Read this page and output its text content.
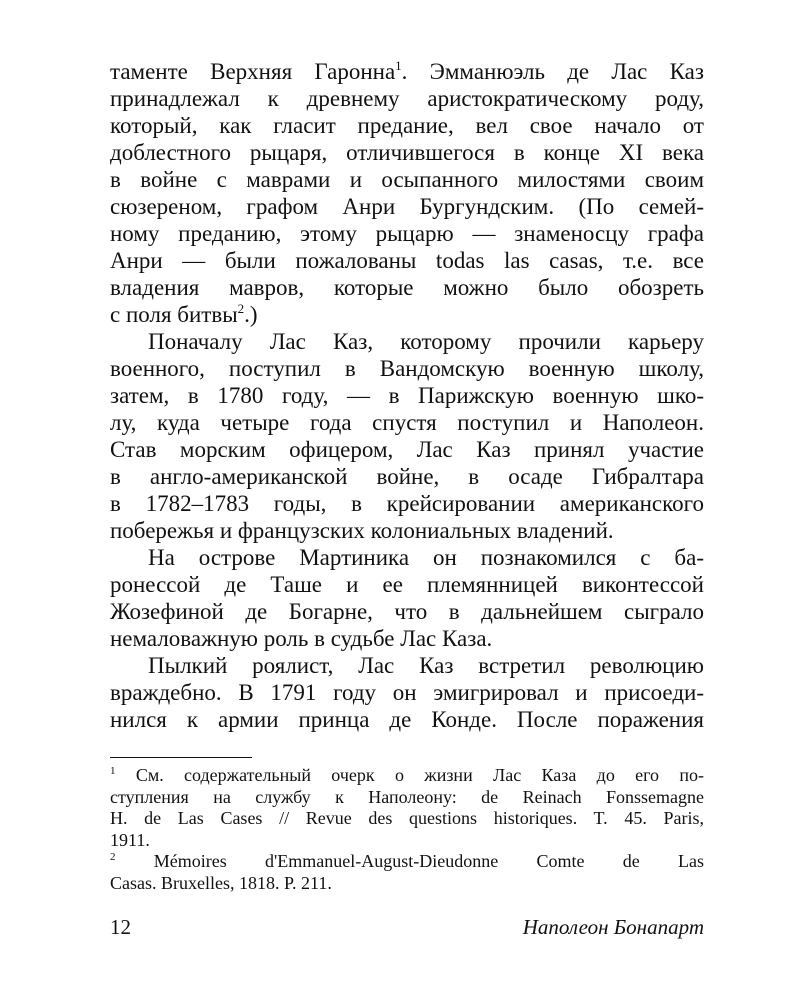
таменте Верхняя Гаронна$^1$. Эмманюэль де Лас Каз
принадлежал к древнему аристократическому роду,
который, как гласит предание, вел свое начало от
доблестного рыцаря, отличившегося в конце XI века
в войне с маврами и осыпанного милостями своим
сюзереном, графом Анри Бургундским. (По семей-
ному преданию, этому рыцарю — знаменосцу графа
Анри — были пожалованы todas las casas, т.е. все
владения мавров, которые можно было обозреть
с поля битвы$^2$.)
Поначалу Лас Каз, которому прочили карьеру
военного, поступил в Вандомскую военную школу,
затем, в 1780 году, — в Парижскую военную шко-
лу, куда четыре года спустя поступил и Наполеон.
Став морским офицером, Лас Каз принял участие
в англо-американской войне, в осаде Гибралтара
в 1782–1783 годы, в крейсировании американского
побережья и французских колониальных владений.
На острове Мартиника он познакомился с ба-
ронессой де Таше и ее племянницей виконтессой
Жозефиной де Богарне, что в дальнейшем сыграло
немаловажную роль в судьбе Лас Каза.
Пылкий роялист, Лас Каз встретил революцию
враждебно. В 1791 году он эмигрировал и присоеди-
нился к армии принца де Конде. После поражения
$^1$ См. содержательный очерк о жизни Лас Каза до его по-
ступления на службу к Наполеону: de Reinach Fonssemagne
H. de Las Cases // Revue des questions historiques. T. 45. Paris,
1911.
$^2$ Mémoires d'Emmanuel-August-Dieudonne Comte de Las
Casas. Bruxelles, 1818. P. 211.
12	Наполеон Бонапарт
